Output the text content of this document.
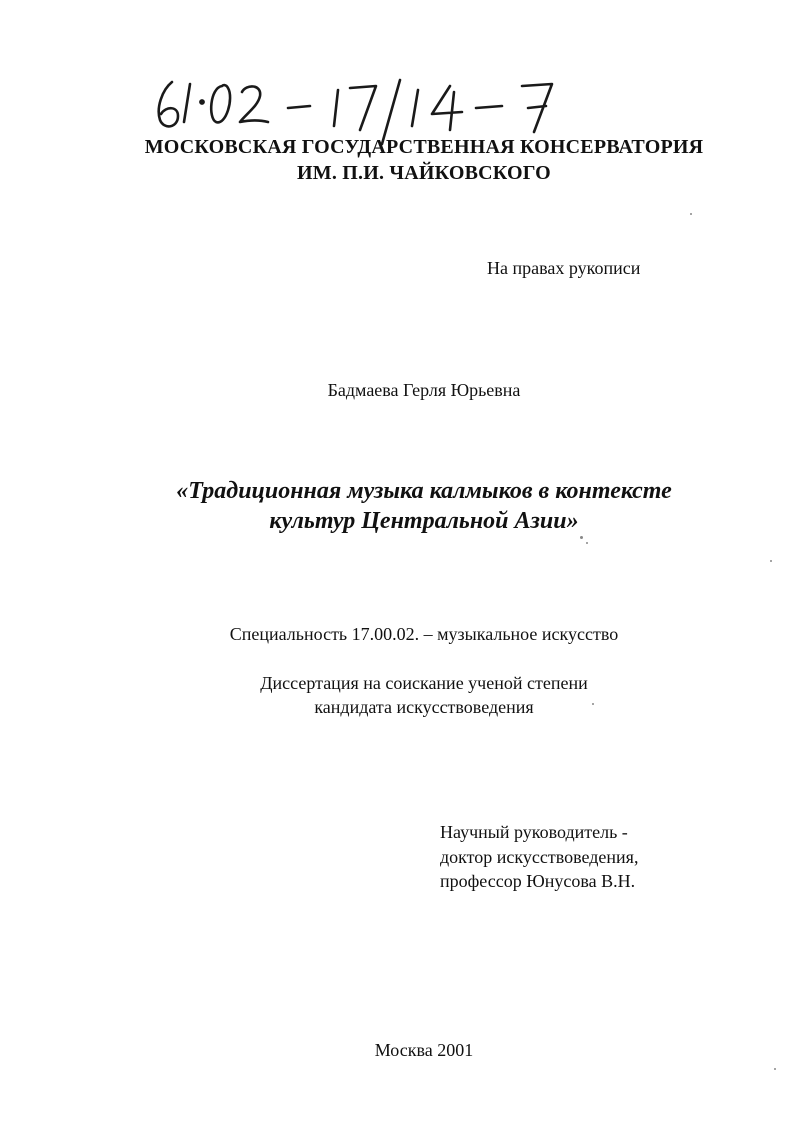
МОСКОВСКАЯ ГОСУДАРСТВЕННАЯ КОНСЕРВАТОРИЯ
ИМ. П.И. ЧАЙКОВСКОГО
На правах рукописи
Бадмаева Герля Юрьевна
«Традиционная музыка калмыков в контексте
культур Центральной Азии»
Специальность 17.00.02. – музыкальное искусство
Диссертация на соискание ученой степени
кандидата искусствоведения
Научный руководитель -
доктор искусствоведения,
профессор Юнусова В.Н.
Москва 2001
